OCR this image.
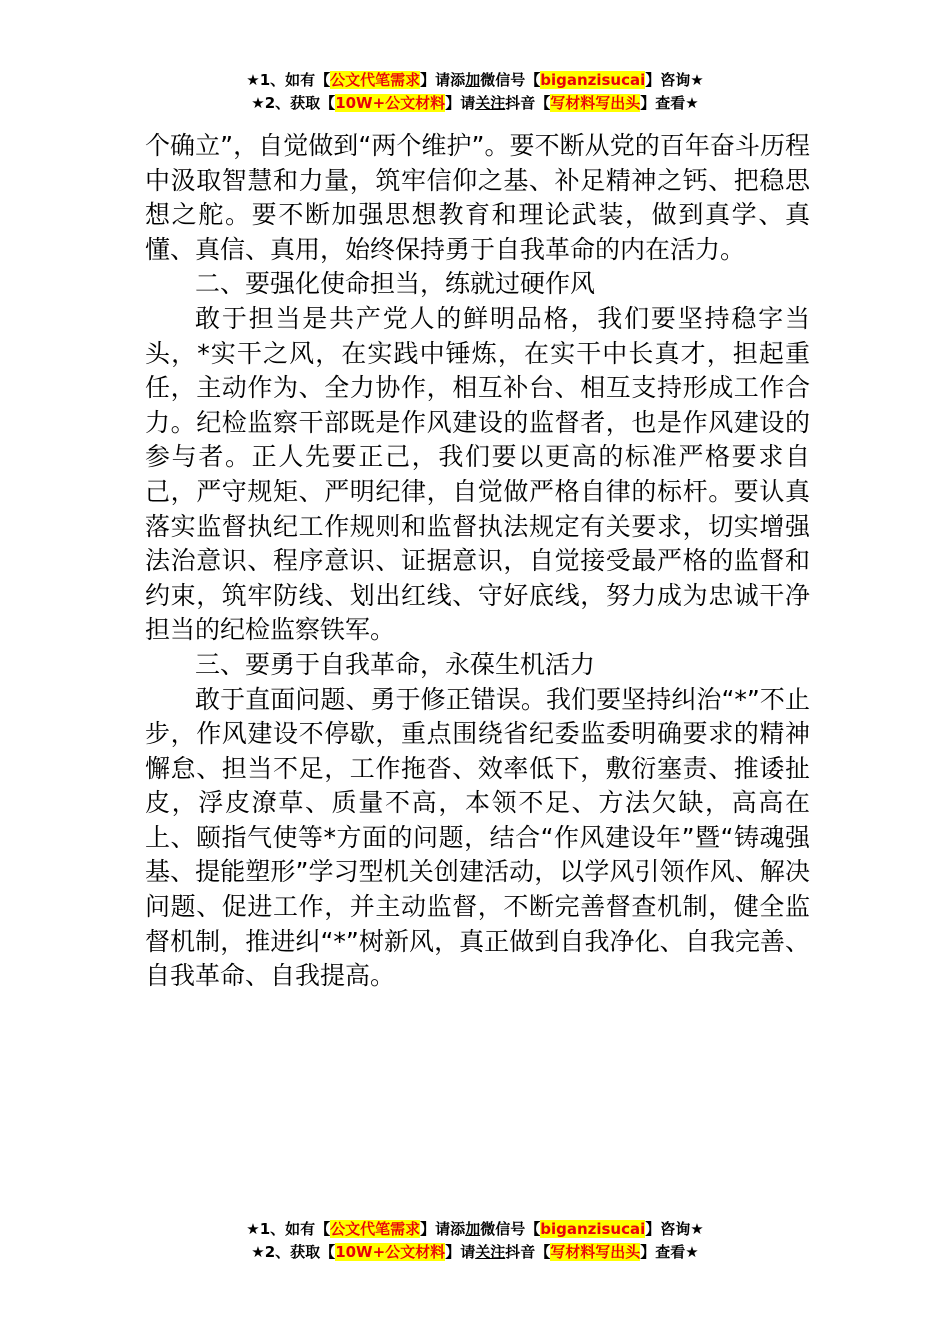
★1、如有【公文代笔需求】请添加微信号【biganzisucai】咨询★
★2、获取【10W+公文材料】请关注抖音【写材料写出头】查看★

个确立”，自觉做到“两个维护”。要不断从党的百年奋斗历程中汲取智慧和力量，筑牢信仰之基、补足精神之钙、把稳思想之舵。要不断加强思想教育和理论武装，做到真学、真懂、真信、真用，始终保持勇于自我革命的内在活力。

二、要强化使命担当，练就过硬作风

敢于担当是共产党人的鲜明品格，我们要坚持稳字当头，*实干之风，在实践中锤炼，在实干中长真才，担起重任，主动作为、全力协作，相互补台、相互支持形成工作合力。纪检监察干部既是作风建设的监督者，也是作风建设的参与者。正人先要正己，我们要以更高的标准严格要求自己，严守规矩、严明纪律，自觉做严格自律的标杆。要认真落实监督执纪工作规则和监督执法规定有关要求，切实增强法治意识、程序意识、证据意识，自觉接受最严格的监督和约束，筑牢防线、划出红线、守好底线，努力成为忠诚干净担当的纪检监察铁军。

三、要勇于自我革命，永葆生机活力

敢于直面问题、勇于修正错误。我们要坚持纠治“*”不止步，作风建设不停歇，重点围绕省纪委监委明确要求的精神懈怠、担当不足，工作拖沓、效率低下，敷衍塞责、推诿扯皮，浮皮潦草、质量不高，本领不足、方法欠缺，高高在上、颐指气使等*方面的问题，结合“作风建设年”暨“铸魂强基、提能塑形”学习型机关创建活动，以学风引领作风、解决问题、促进工作，并主动监督，不断完善督查机制，健全监督机制，推进纠“*”树新风，真正做到自我净化、自我完善、自我革命、自我提高。

★1、如有【公文代笔需求】请添加微信号【biganzisucai】咨询★
★2、获取【10W+公文材料】请关注抖音【写材料写出头】查看★
